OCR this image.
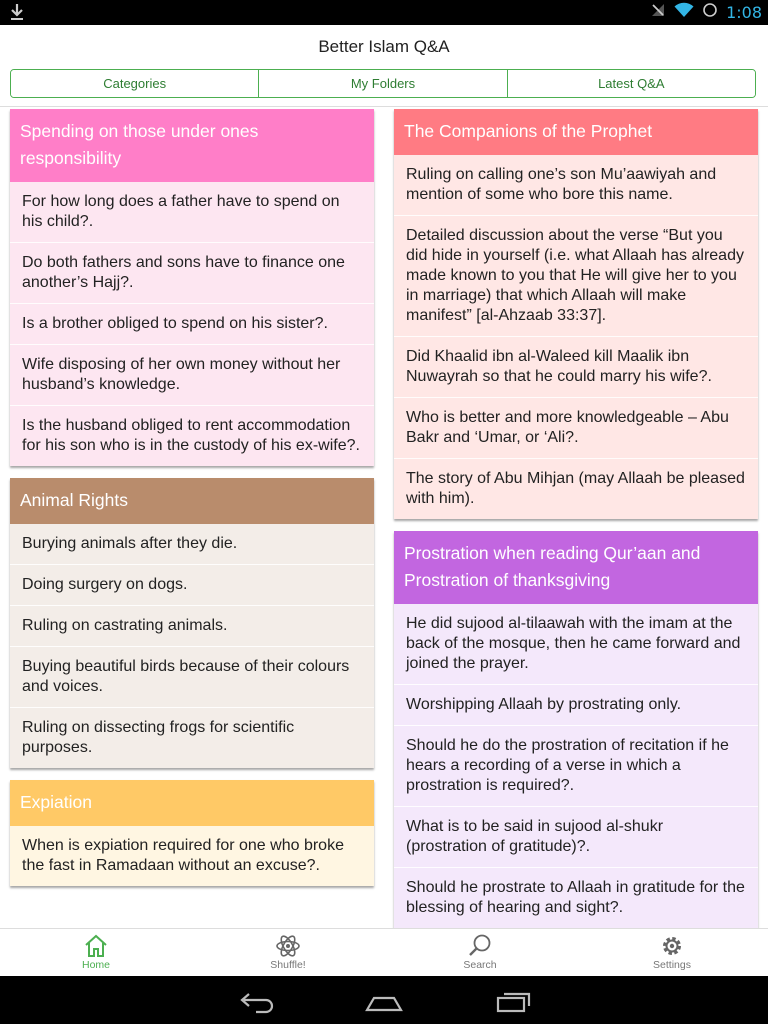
1:08
Better Islam Q&A
Categories	My Folders	Latest Q&A
Spending on those under ones responsibility
For how long does a father have to spend on his child?.
Do both fathers and sons have to finance one another’s Hajj?.
Is a brother obliged to spend on his sister?.
Wife disposing of her own money without her husband’s knowledge.
Is the husband obliged to rent accommodation for his son who is in the custody of his ex-wife?.
Animal Rights
Burying animals after they die.
Doing surgery on dogs.
Ruling on castrating animals.
Buying beautiful birds because of their colours and voices.
Ruling on dissecting frogs for scientific purposes.
Expiation
When is expiation required for one who broke the fast in Ramadaan without an excuse?.
The Companions of the Prophet
Ruling on calling one’s son Mu’aawiyah and mention of some who bore this name.
Detailed discussion about the verse “But you did hide in yourself (i.e. what Allaah has already made known to you that He will give her to you in marriage) that which Allaah will make manifest” [al-Ahzaab 33:37].
Did Khaalid ibn al-Waleed kill Maalik ibn Nuwayrah so that he could marry his wife?.
Who is better and more knowledgeable – Abu Bakr and ‘Umar, or ‘Ali?.
The story of Abu Mihjan (may Allaah be pleased with him).
Prostration when reading Qur’aan and Prostration of thanksgiving
He did sujood al-tilaawah with the imam at the back of the mosque, then he came forward and joined the prayer.
Worshipping Allaah by prostrating only.
Should he do the prostration of recitation if he hears a recording of a verse in which a prostration is required?.
What is to be said in sujood al-shukr (prostration of gratitude)?.
Should he prostrate to Allaah in gratitude for the blessing of hearing and sight?.
Home	Shuffle!	Search	Settings
